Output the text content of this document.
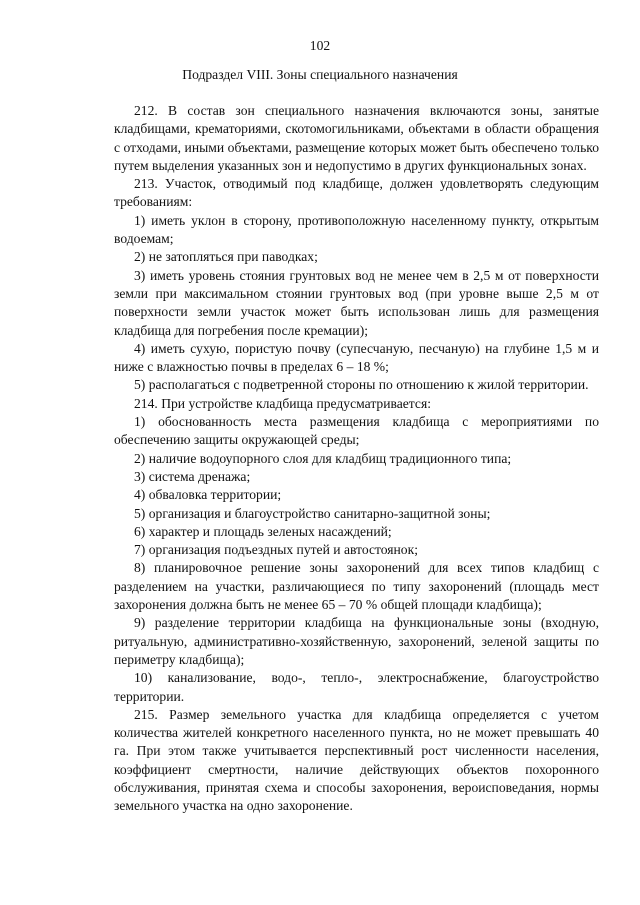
102
Подраздел VIII. Зоны специального назначения

212. В состав зон специального назначения включаются зоны, занятые кладбищами, крематориями, скотомогильниками, объектами в области обращения с отходами, иными объектами, размещение которых может быть обеспечено только путем выделения указанных зон и недопустимо в других функциональных зонах.

213. Участок, отводимый под кладбище, должен удовлетворять следующим требованиям:

1) иметь уклон в сторону, противоположную населенному пункту, открытым водоемам;

2) не затопляться при паводках;

3) иметь уровень стояния грунтовых вод не менее чем в 2,5 м от поверхности земли при максимальном стоянии грунтовых вод (при уровне выше 2,5 м от поверхности земли участок может быть использован лишь для размещения кладбища для погребения после кремации);

4) иметь сухую, пористую почву (супесчаную, песчаную) на глубине 1,5 м и ниже с влажностью почвы в пределах 6 – 18 %;

5) располагаться с подветренной стороны по отношению к жилой территории.

214. При устройстве кладбища предусматривается:

1) обоснованность места размещения кладбища с мероприятиями по обеспечению защиты окружающей среды;

2) наличие водоупорного слоя для кладбищ традиционного типа;

3) система дренажа;

4) обваловка территории;

5) организация и благоустройство санитарно-защитной зоны;

6) характер и площадь зеленых насаждений;

7) организация подъездных путей и автостоянок;

8) планировочное решение зоны захоронений для всех типов кладбищ с разделением на участки, различающиеся по типу захоронений (площадь мест захоронения должна быть не менее 65 – 70 % общей площади кладбища);

9) разделение территории кладбища на функциональные зоны (входную, ритуальную, административно-хозяйственную, захоронений, зеленой защиты по периметру кладбища);

10) канализование, водо-, тепло-, электроснабжение, благоустройство территории.

215. Размер земельного участка для кладбища определяется с учетом количества жителей конкретного населенного пункта, но не может превышать 40 га. При этом также учитывается перспективный рост численности населения, коэффициент смертности, наличие действующих объектов похоронного обслуживания, принятая схема и способы захоронения, вероисповедания, нормы земельного участка на одно захоронение.
